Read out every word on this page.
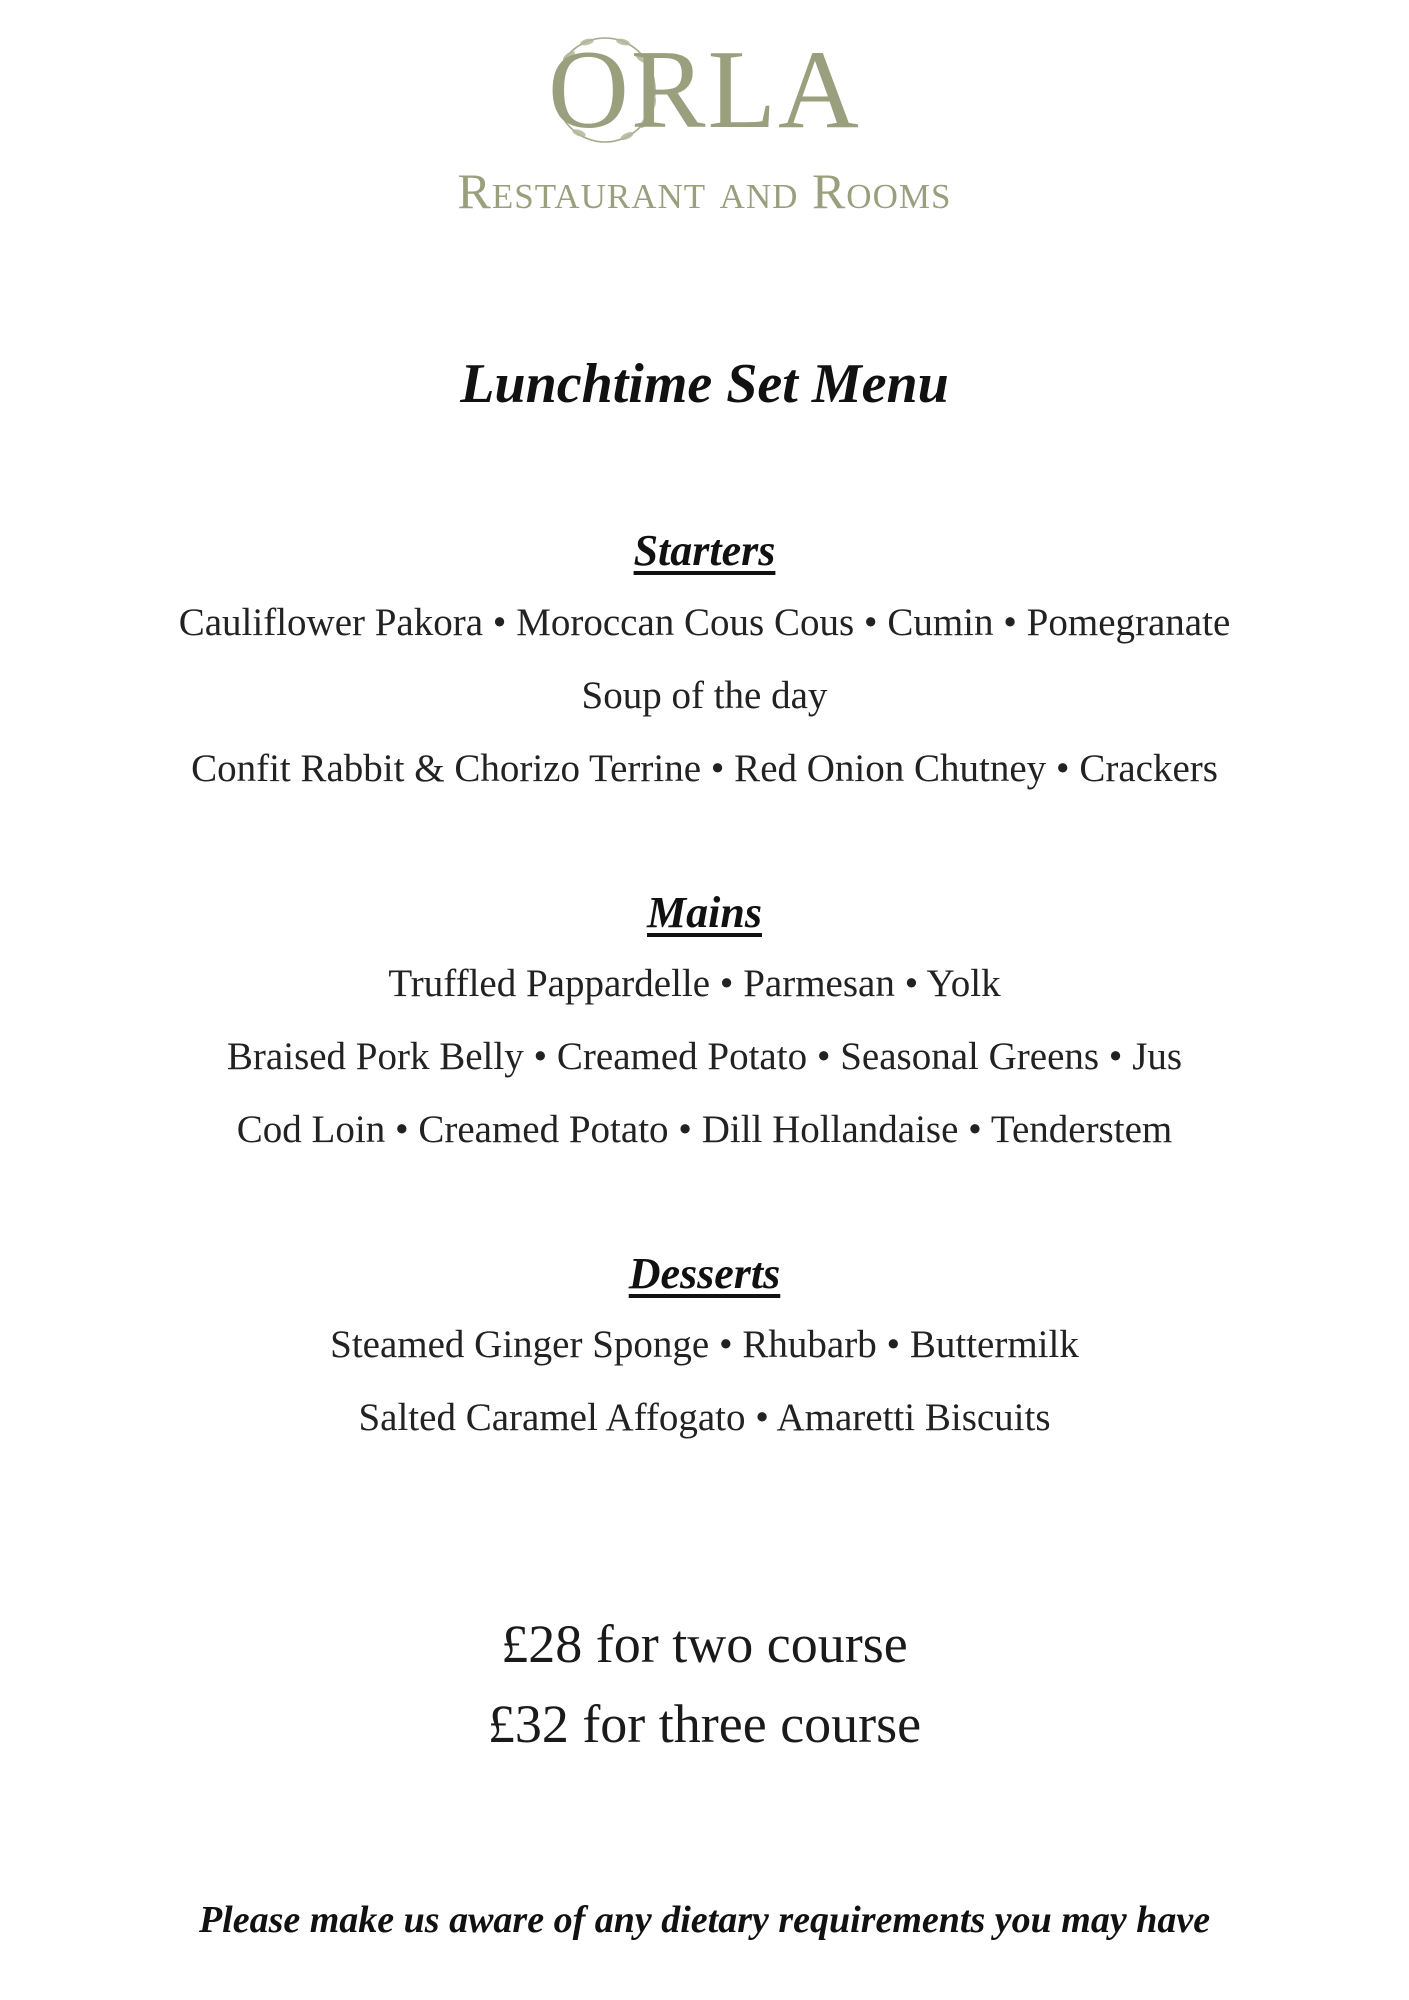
ORLA
Restaurant and Rooms
Lunchtime Set Menu
Starters
Cauliflower Pakora • Moroccan Cous Cous • Cumin • Pomegranate
Soup of the day
Confit Rabbit & Chorizo Terrine • Red Onion Chutney • Crackers
Mains
Truffled Pappardelle • Parmesan • Yolk
Braised Pork Belly • Creamed Potato • Seasonal Greens • Jus
Cod Loin • Creamed Potato • Dill Hollandaise • Tenderstem
Desserts
Steamed Ginger Sponge • Rhubarb • Buttermilk
Salted Caramel Affogato • Amaretti Biscuits
£28 for two course
£32 for three course
Please make us aware of any dietary requirements you may have
